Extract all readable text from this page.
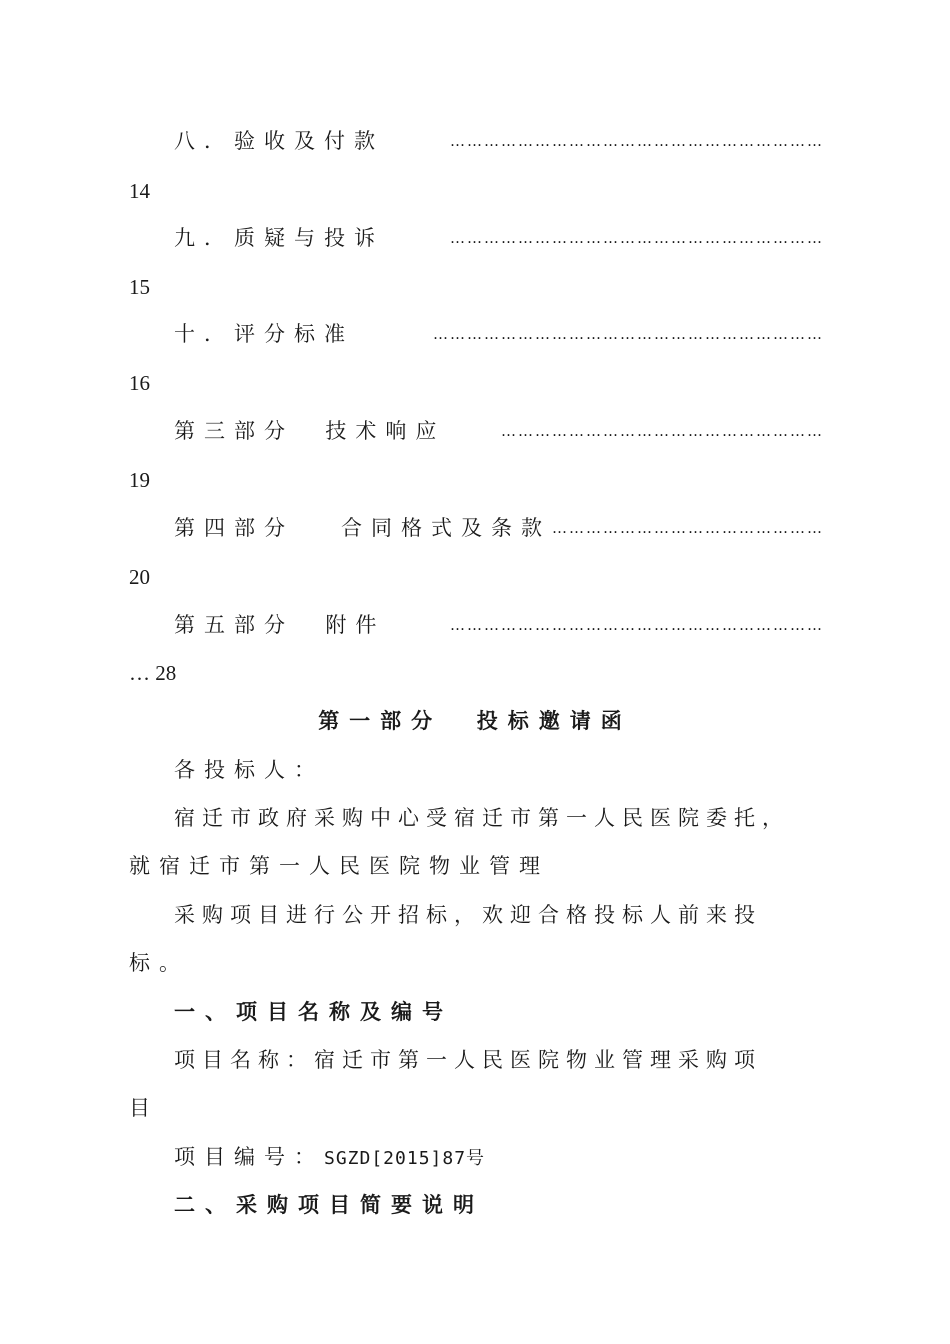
八．验收及付款	…………………………………………………………
14
九．质疑与投诉	…………………………………………………………
15
十．评分标准	……………………………………………………………
16
第三部分  技术响应	…………………………………………………
19
第四部分   合同格式及条款 …………………………………………
20
第五部分  附件	…………………………………………………………
… 28
第一部分  投标邀请函
各投标人：
宿迁市政府采购中心受宿迁市第一人民医院委托，
就宿迁市第一人民医院物业管理
采购项目进行公开招标，欢迎合格投标人前来投
标。
一、项目名称及编号
项目名称：宿迁市第一人民医院物业管理采购项
目
项目编号：SGZD[2015]87号
二、采购项目简要说明
